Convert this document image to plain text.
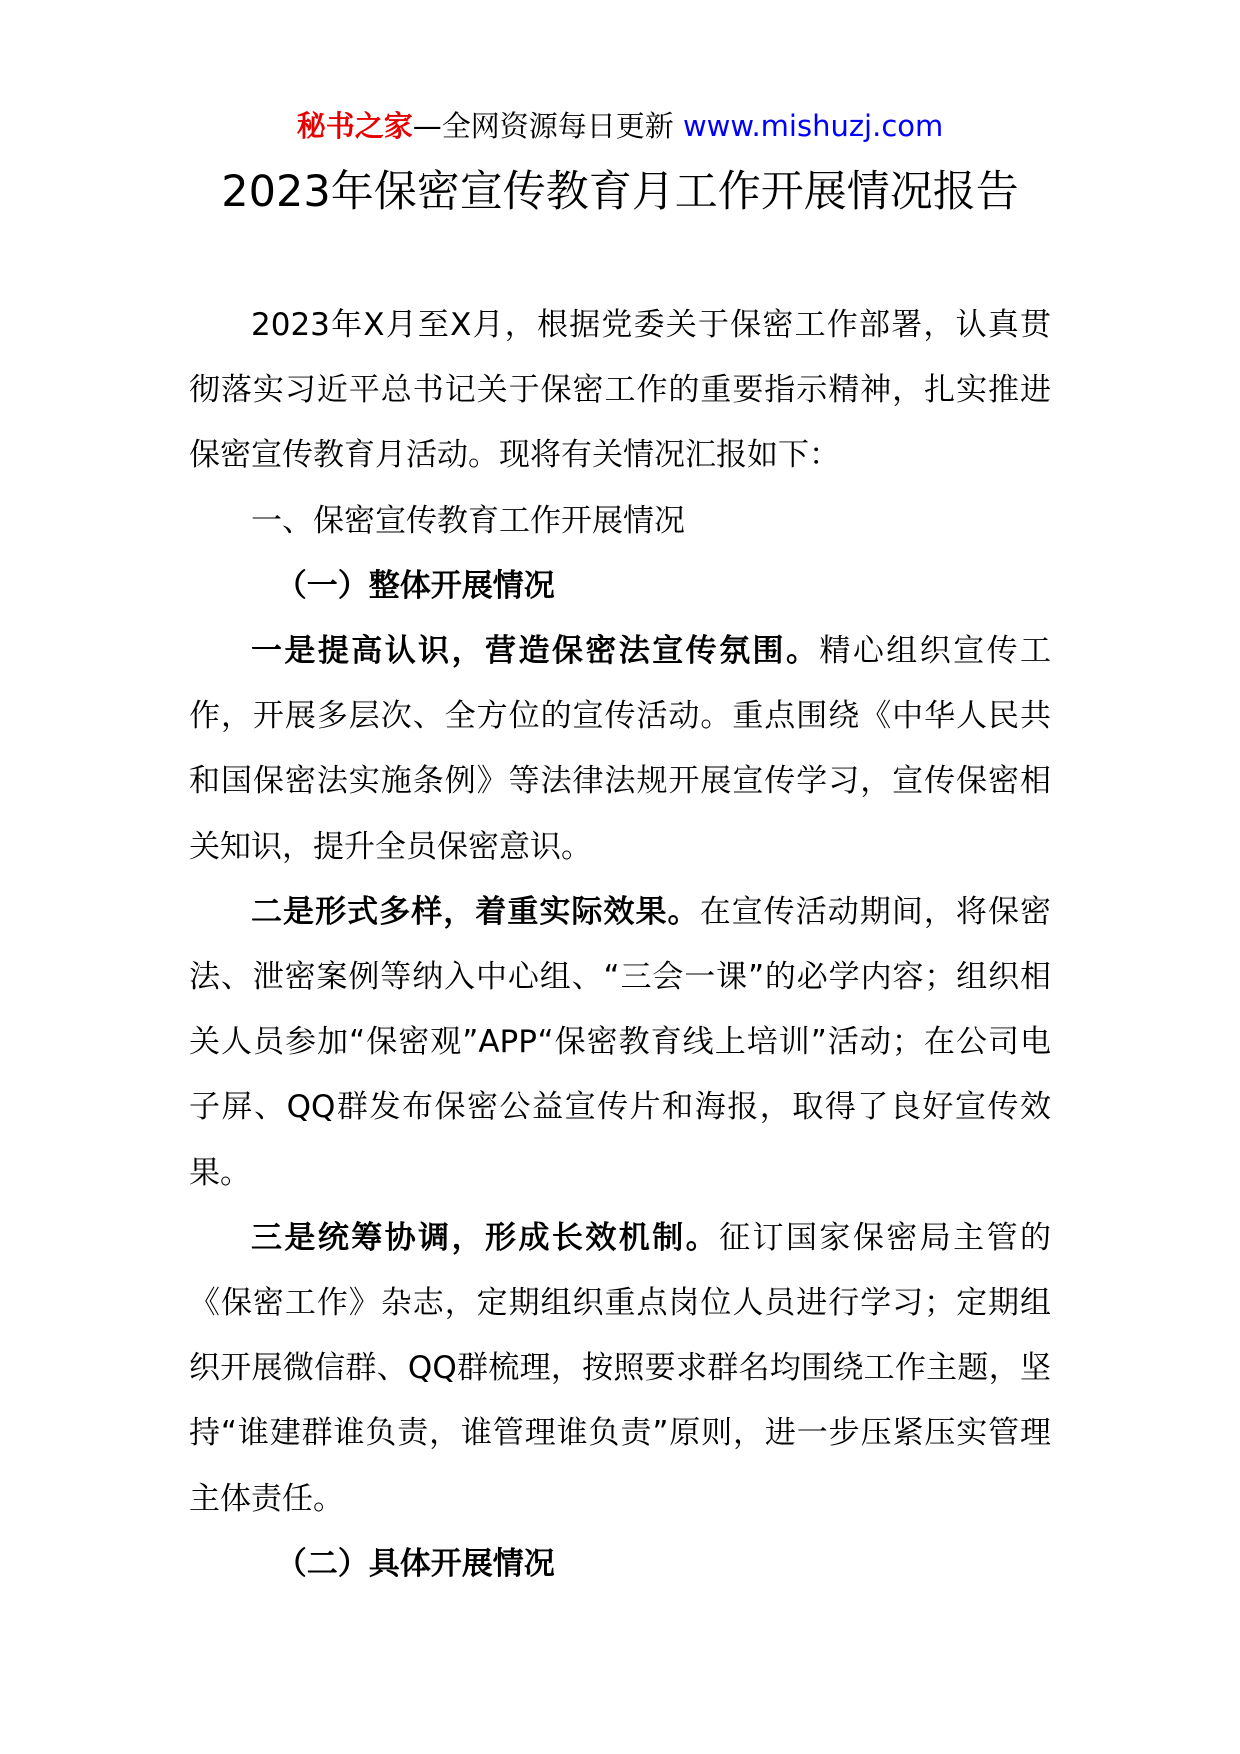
秘书之家—全网资源每日更新 www.mishuzj.com
2023年保密宣传教育月工作开展情况报告

2023年X月至X月，根据党委关于保密工作部署，认真贯彻落实习近平总书记关于保密工作的重要指示精神，扎实推进保密宣传教育月活动。现将有关情况汇报如下：

一、保密宣传教育工作开展情况

（一）整体开展情况

一是提高认识，营造保密法宣传氛围。精心组织宣传工作，开展多层次、全方位的宣传活动。重点围绕《中华人民共和国保密法实施条例》等法律法规开展宣传学习，宣传保密相关知识，提升全员保密意识。

二是形式多样，着重实际效果。在宣传活动期间，将保密法、泄密案例等纳入中心组、“三会一课”的必学内容；组织相关人员参加“保密观”APP“保密教育线上培训”活动；在公司电子屏、QQ群发布保密公益宣传片和海报，取得了良好宣传效果。

三是统筹协调，形成长效机制。征订国家保密局主管的《保密工作》杂志，定期组织重点岗位人员进行学习；定期组织开展微信群、QQ群梳理，按照要求群名均围绕工作主题，坚持“谁建群谁负责，谁管理谁负责”原则，进一步压紧压实管理主体责任。

（二）具体开展情况
